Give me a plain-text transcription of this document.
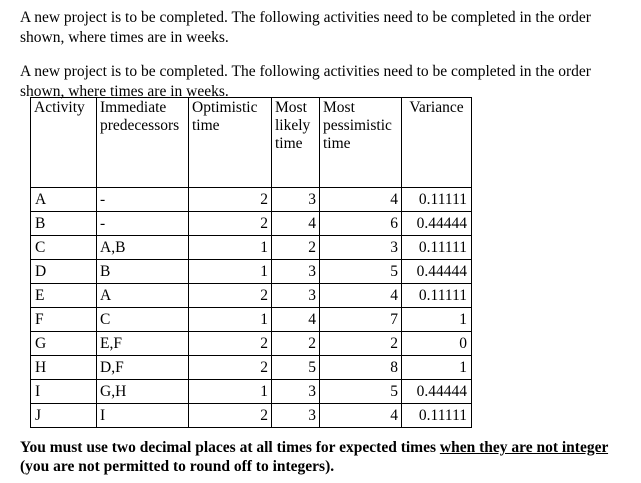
A new project is to be completed. The following activities need to be completed in the order shown, where times are in weeks.

A new project is to be completed. The following activities need to be completed in the order shown, where times are in weeks.

Activity	Immediate predecessors	Optimistic time	Most likely time	Most pessimistic time	Variance
A	-	2	3	4	0.11111
B	-	2	4	6	0.44444
C	A,B	1	2	3	0.11111
D	B	1	3	5	0.44444
E	A	2	3	4	0.11111
F	C	1	4	7	1
G	E,F	2	2	2	0
H	D,F	2	5	8	1
I	G,H	1	3	5	0.44444
J	I	2	3	4	0.11111

You must use two decimal places at all times for expected times when they are not integer (you are not permitted to round off to integers).
